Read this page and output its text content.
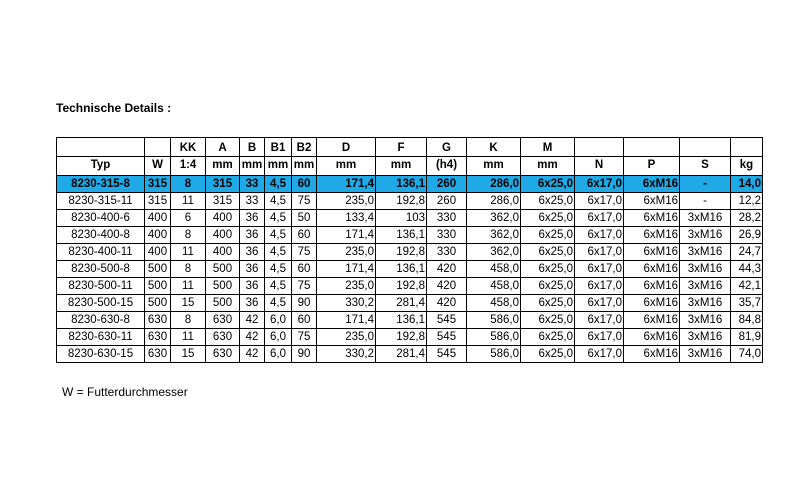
Technische Details :
		KK	A	B	B1	B2	D	F	G	K	M				
Typ	W	1:4	mm	mm	mm	mm	mm	mm	(h4)	mm	mm	N	P	S	kg
8230-315-8	315	8	315	33	4,5	60	171,4	136,1	260	286,0	6x25,0	6x17,0	6xM16	-	14,0
8230-315-11	315	11	315	33	4,5	75	235,0	192,8	260	286,0	6x25,0	6x17,0	6xM16	-	12,2
8230-400-6	400	6	400	36	4,5	50	133,4	103	330	362,0	6x25,0	6x17,0	6xM16	3xM16	28,2
8230-400-8	400	8	400	36	4,5	60	171,4	136,1	330	362,0	6x25,0	6x17,0	6xM16	3xM16	26,9
8230-400-11	400	11	400	36	4,5	75	235,0	192,8	330	362,0	6x25,0	6x17,0	6xM16	3xM16	24,7
8230-500-8	500	8	500	36	4,5	60	171,4	136,1	420	458,0	6x25,0	6x17,0	6xM16	3xM16	44,3
8230-500-11	500	11	500	36	4,5	75	235,0	192,8	420	458,0	6x25,0	6x17,0	6xM16	3xM16	42,1
8230-500-15	500	15	500	36	4,5	90	330,2	281,4	420	458,0	6x25,0	6x17,0	6xM16	3xM16	35,7
8230-630-8	630	8	630	42	6,0	60	171,4	136,1	545	586,0	6x25,0	6x17,0	6xM16	3xM16	84,8
8230-630-11	630	11	630	42	6,0	75	235,0	192,8	545	586,0	6x25,0	6x17,0	6xM16	3xM16	81,9
8230-630-15	630	15	630	42	6,0	90	330,2	281,4	545	586,0	6x25,0	6x17,0	6xM16	3xM16	74,0
W = Futterdurchmesser
